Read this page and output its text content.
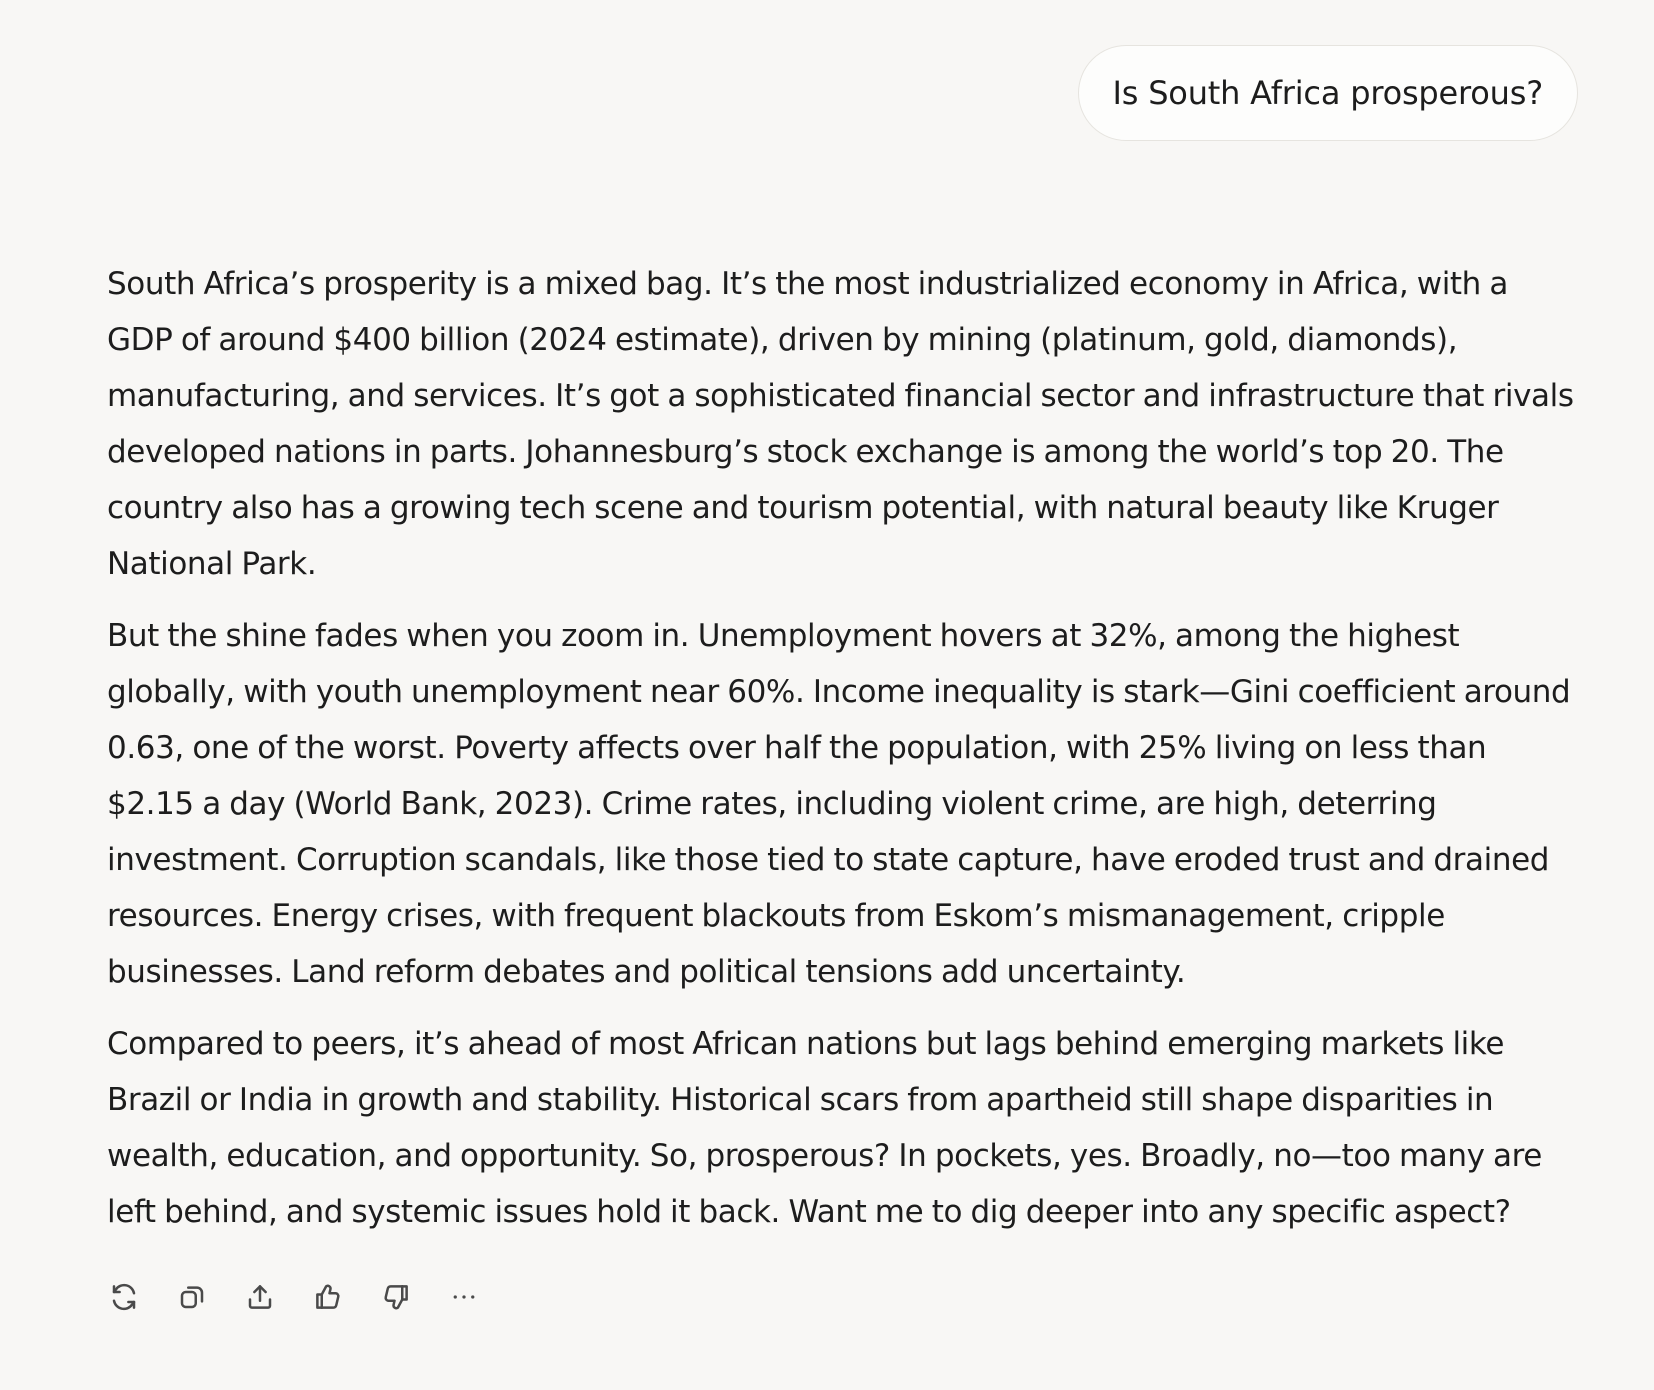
Is South Africa prosperous?

South Africa’s prosperity is a mixed bag. It’s the most industrialized economy in Africa, with a GDP of around $400 billion (2024 estimate), driven by mining (platinum, gold, diamonds), manufacturing, and services. It’s got a sophisticated financial sector and infrastructure that rivals developed nations in parts. Johannesburg’s stock exchange is among the world’s top 20. The country also has a growing tech scene and tourism potential, with natural beauty like Kruger National Park.

But the shine fades when you zoom in. Unemployment hovers at 32%, among the highest globally, with youth unemployment near 60%. Income inequality is stark—Gini coefficient around 0.63, one of the worst. Poverty affects over half the population, with 25% living on less than $2.15 a day (World Bank, 2023). Crime rates, including violent crime, are high, deterring investment. Corruption scandals, like those tied to state capture, have eroded trust and drained resources. Energy crises, with frequent blackouts from Eskom’s mismanagement, cripple businesses. Land reform debates and political tensions add uncertainty.

Compared to peers, it’s ahead of most African nations but lags behind emerging markets like Brazil or India in growth and stability. Historical scars from apartheid still shape disparities in wealth, education, and opportunity. So, prosperous? In pockets, yes. Broadly, no—too many are left behind, and systemic issues hold it back. Want me to dig deeper into any specific aspect?
